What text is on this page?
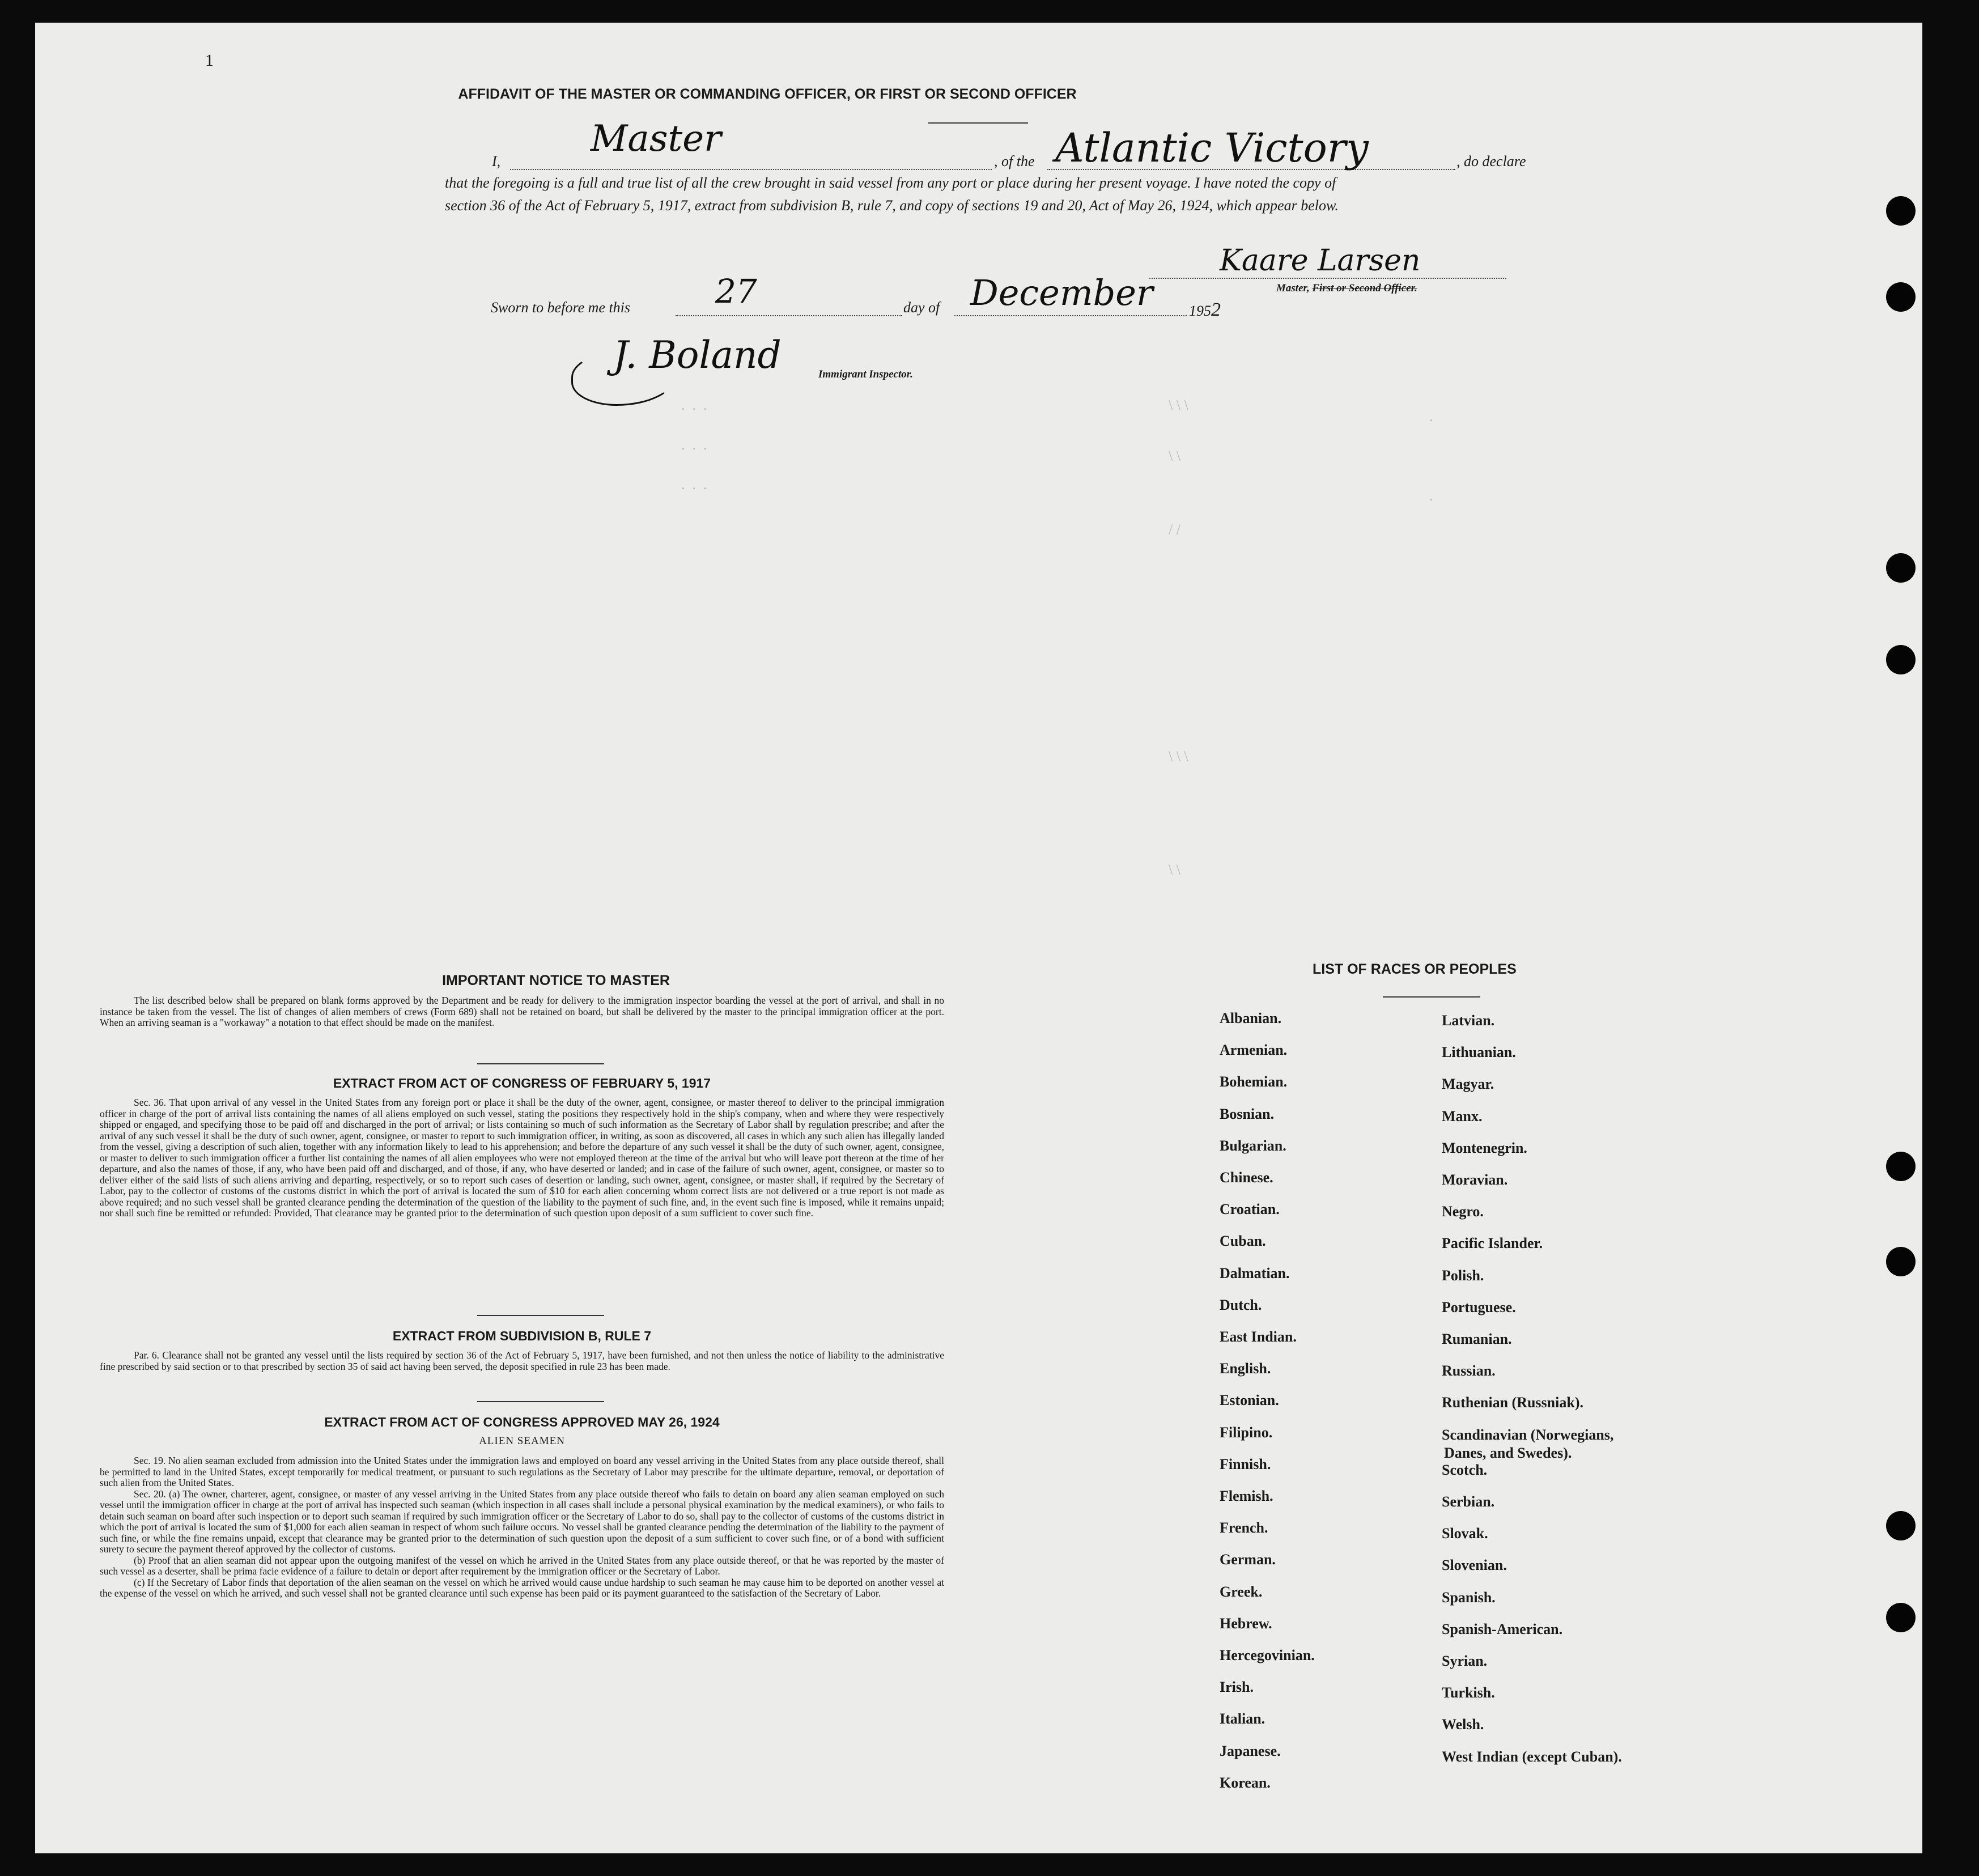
.  .  .
.  .  .
.  .  .
\ \ \
\ \
/ /
.
.
\ \ \
\ \
1
AFFIDAVIT OF THE MASTER OR COMMANDING OFFICER, OR FIRST OR SECOND OFFICER
I,
Master
, of the Atlantic Victory	, do declare
that the foregoing is a full and true list of all the crew brought in said vessel from any port or place during her present voyage. I have noted the copy of
section 36 of the Act of February 5, 1917, extract from subdivision B, rule 7, and copy of sections 19 and 20, Act of May 26, 1924, which appear below.
Kaare Larsen
Master, First or Second Officer.
Sworn to before me this	27	day of December 1952
J. Boland	Immigrant Inspector.
IMPORTANT NOTICE TO MASTER

The list described below shall be prepared on blank forms approved by the Department and be ready for delivery to the immigration inspector boarding the vessel at the port of arrival, and shall in no instance be taken from the vessel. The list of changes of alien members of crews (Form 689) shall not be retained on board, but shall be delivered by the master to the principal immigration officer at the port. When an arriving seaman is a "workaway" a notation to that effect should be made on the manifest.

EXTRACT FROM ACT OF CONGRESS OF FEBRUARY 5, 1917

Sec. 36. That upon arrival of any vessel in the United States from any foreign port or place it shall be the duty of the owner, agent, consignee, or master thereof to deliver to the principal immigration officer in charge of the port of arrival lists containing the names of all aliens employed on such vessel, stating the positions they respectively hold in the ship's company, when and where they were respectively shipped or engaged, and specifying those to be paid off and discharged in the port of arrival; or lists containing so much of such information as the Secretary of Labor shall by regulation prescribe; and after the arrival of any such vessel it shall be the duty of such owner, agent, consignee, or master to report to such immigration officer, in writing, as soon as discovered, all cases in which any such alien has illegally landed from the vessel, giving a description of such alien, together with any information likely to lead to his apprehension; and before the departure of any such vessel it shall be the duty of such owner, agent, consignee, or master to deliver to such immigration officer a further list containing the names of all alien employees who were not employed thereon at the time of the arrival but who will leave port thereon at the time of her departure, and also the names of those, if any, who have been paid off and discharged, and of those, if any, who have deserted or landed; and in case of the failure of such owner, agent, consignee, or master so to deliver either of the said lists of such aliens arriving and departing, respectively, or so to report such cases of desertion or landing, such owner, agent, consignee, or master shall, if required by the Secretary of Labor, pay to the collector of customs of the customs district in which the port of arrival is located the sum of $10 for each alien concerning whom correct lists are not delivered or a true report is not made as above required; and no such vessel shall be granted clearance pending the determination of the question of the liability to the payment of such fine, and, in the event such fine is imposed, while it remains unpaid; nor shall such fine be remitted or refunded: Provided, That clearance may be granted prior to the determination of such question upon deposit of a sum sufficient to cover such fine.

EXTRACT FROM SUBDIVISION B, RULE 7

Par. 6. Clearance shall not be granted any vessel until the lists required by section 36 of the Act of February 5, 1917, have been furnished, and not then unless the notice of liability to the administrative fine prescribed by said section or to that prescribed by section 35 of said act having been served, the deposit specified in rule 23 has been made.

EXTRACT FROM ACT OF CONGRESS APPROVED MAY 26, 1924
ALIEN SEAMEN

Sec. 19. No alien seaman excluded from admission into the United States under the immigration laws and employed on board any vessel arriving in the United States from any place outside thereof, shall be permitted to land in the United States, except temporarily for medical treatment, or pursuant to such regulations as the Secretary of Labor may prescribe for the ultimate departure, removal, or deportation of such alien from the United States.

Sec. 20. (a) The owner, charterer, agent, consignee, or master of any vessel arriving in the United States from any place outside thereof who fails to detain on board any alien seaman employed on such vessel until the immigration officer in charge at the port of arrival has inspected such seaman (which inspection in all cases shall include a personal physical examination by the medical examiners), or who fails to detain such seaman on board after such inspection or to deport such seaman if required by such immigration officer or the Secretary of Labor to do so, shall pay to the collector of customs of the customs district in which the port of arrival is located the sum of $1,000 for each alien seaman in respect of whom such failure occurs. No vessel shall be granted clearance pending the determination of the liability to the payment of such fine, or while the fine remains unpaid, except that clearance may be granted prior to the determination of such question upon the deposit of a sum sufficient to cover such fine, or of a bond with sufficient surety to secure the payment thereof approved by the collector of customs.

(b) Proof that an alien seaman did not appear upon the outgoing manifest of the vessel on which he arrived in the United States from any place outside thereof, or that he was reported by the master of such vessel as a deserter, shall be prima facie evidence of a failure to detain or deport after requirement by the immigration officer or the Secretary of Labor.

(c) If the Secretary of Labor finds that deportation of the alien seaman on the vessel on which he arrived would cause undue hardship to such seaman he may cause him to be deported on another vessel at the expense of the vessel on which he arrived, and such vessel shall not be granted clearance until such expense has been paid or its payment guaranteed to the satisfaction of the Secretary of Labor.

LIST OF RACES OR PEOPLES
Albanian.
Armenian.
Bohemian.
Bosnian.
Bulgarian.
Chinese.
Croatian.
Cuban.
Dalmatian.
Dutch.
East Indian.
English.
Estonian.
Filipino.
Finnish.
Flemish.
French.
German.
Greek.
Hebrew.
Hercegovinian.
Irish.
Italian.
Japanese.
Korean.
Latvian.
Lithuanian.
Magyar.
Manx.
Montenegrin.
Moravian.
Negro.
Pacific Islander.
Polish.
Portuguese.
Rumanian.
Russian.
Ruthenian (Russniak).
Scandinavian (Norwegians,
Danes, and Swedes).
Scotch.
Serbian.
Slovak.
Slovenian.
Spanish.
Spanish-American.
Syrian.
Turkish.
Welsh.
West Indian (except Cuban).
